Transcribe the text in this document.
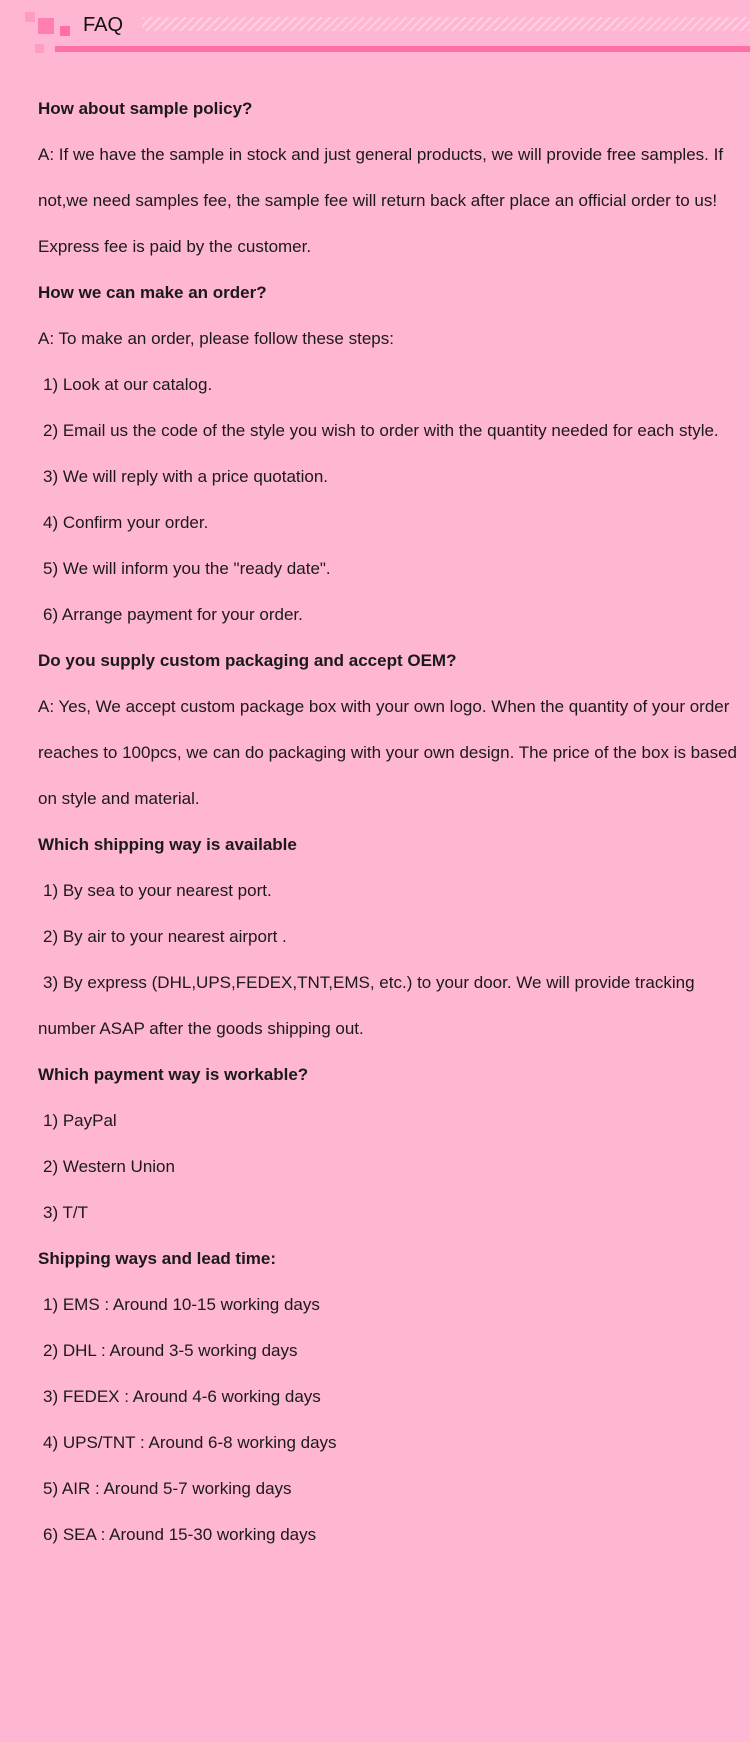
FAQ
How about sample policy?
A: If we have the sample in stock and just general products, we will provide free samples. If
not,we need samples fee, the sample fee will return back after place an official order to us!
Express fee is paid by the customer.
How we can make an order?
A: To make an order, please follow these steps:
1) Look at our catalog.
2) Email us the code of the style you wish to order with the quantity needed for each style.
3) We will reply with a price quotation.
4) Confirm your order.
5) We will inform you the "ready date".
6) Arrange payment for your order.
Do you supply custom packaging and accept OEM?
A: Yes, We accept custom package box with your own logo. When the quantity of your order
reaches to 100pcs, we can do packaging with your own design. The price of the box is based
on style and material.
Which shipping way is available
1) By sea to your nearest port.
2) By air to your nearest airport .
3) By express (DHL,UPS,FEDEX,TNT,EMS, etc.) to your door. We will provide tracking
number ASAP after the goods shipping out.
Which payment way is workable?
1) PayPal
2) Western Union
3) T/T
Shipping ways and lead time:
1) EMS : Around 10-15 working days
2) DHL : Around 3-5 working days
3) FEDEX : Around 4-6 working days
4) UPS/TNT : Around 6-8 working days
5) AIR : Around 5-7 working days
6) SEA : Around 15-30 working days
